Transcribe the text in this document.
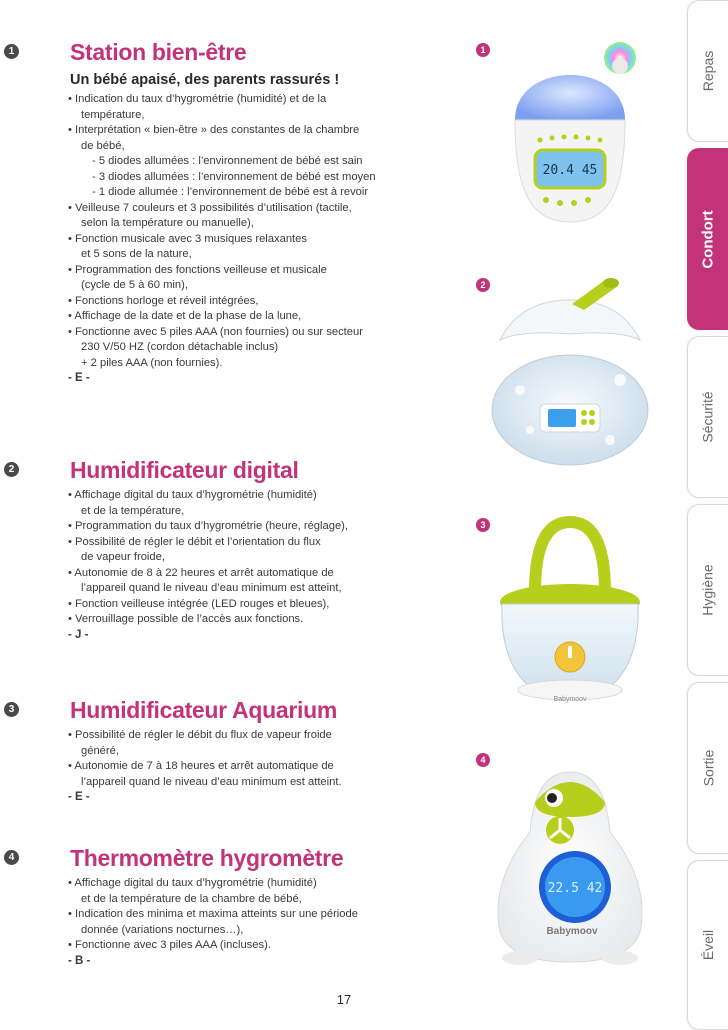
1	Station bien-être
Un bébé apaisé, des parents rassurés !
• Indication du taux d’hygrométrie (humidité) et de la
température,
• Interprétation « bien-être » des constantes de la chambre
de bébé,
- 5 diodes allumées : l’environnement de bébé est sain
- 3 diodes allumées : l’environnement de bébé est moyen
- 1 diode allumée : l’environnement de bébé est à revoir
• Veilleuse 7 couleurs et 3 possibilités d’utilisation (tactile,
selon la température ou manuelle),
• Fonction musicale avec 3 musiques relaxantes
et 5 sons de la nature,
• Programmation des fonctions veilleuse et musicale
(cycle de 5 à 60 min),
• Fonctions horloge et réveil intégrées,
• Affichage de la date et de la phase de la lune,
• Fonctionne avec 5 piles AAA (non fournies) ou sur secteur
230 V/50 HZ (cordon détachable inclus)
+ 2 piles AAA (non fournies).
- E -
2	Humidificateur digital
• Affichage digital du taux d’hygrométrie (humidité)
et de la température,
• Programmation du taux d’hygrométrie (heure, réglage),
• Possibilité de régler le débit et l’orientation du flux
de vapeur froide,
• Autonomie de 8 à 22 heures et arrêt automatique de
l’appareil quand le niveau d’eau minimum est atteint,
• Fonction veilleuse intégrée (LED rouges et bleues),
• Verrouillage possible de l’accès aux fonctions.
- J -
3	Humidificateur Aquarium
• Possibilité de régler le débit du flux de vapeur froide
généré,
• Autonomie de 7 à 18 heures et arrêt automatique de
l’appareil quand le niveau d’eau minimum est atteint.
- E -
4	Thermomètre hygromètre
• Affichage digital du taux d’hygrométrie (humidité)
et de la température de la chambre de bébé,
• Indication des minima et maxima atteints sur une période
donnée (variations nocturnes…),
• Fonctionne avec 3 piles AAA (incluses).
- B -
1
2
3
4
20.4 45
Babymoov
22.5 42
Babymoov
Repas
Condort
Sécurité
Hygiène
Sortie
Éveil
17
